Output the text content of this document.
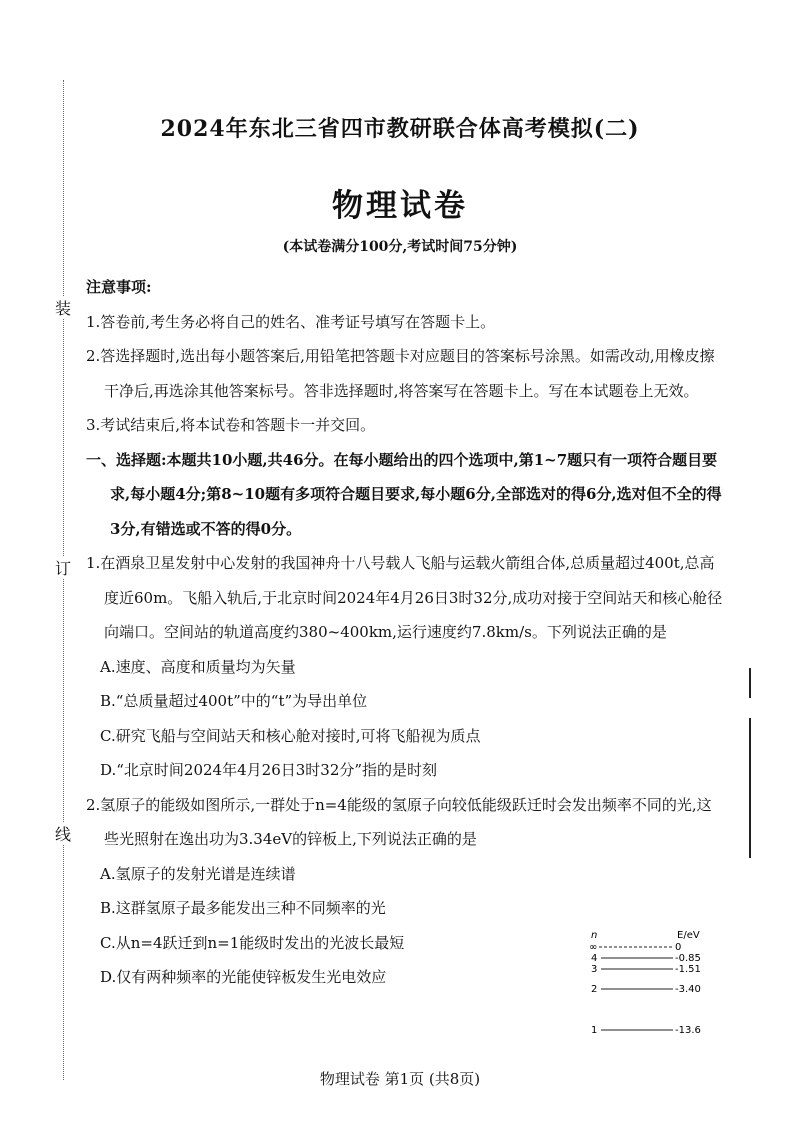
装
订
线
2024年东北三省四市教研联合体高考模拟(二)
物理试卷
(本试卷满分100分,考试时间75分钟)

注意事项:

1.答卷前,考生务必将自己的姓名、准考证号填写在答题卡上。

2.答选择题时,选出每小题答案后,用铅笔把答题卡对应题目的答案标号涂黑。如需改动,用橡皮擦干净后,再选涂其他答案标号。答非选择题时,将答案写在答题卡上。写在本试题卷上无效。

3.考试结束后,将本试卷和答题卡一并交回。

一、选择题:本题共10小题,共46分。在每小题给出的四个选项中,第1~7题只有一项符合题目要求,每小题4分;第8~10题有多项符合题目要求,每小题6分,全部选对的得6分,选对但不全的得3分,有错选或不答的得0分。

1.在酒泉卫星发射中心发射的我国神舟十八号载人飞船与运载火箭组合体,总质量超过400t,总高度近60m。飞船入轨后,于北京时间2024年4月26日3时32分,成功对接于空间站天和核心舱径向端口。空间站的轨道高度约380~400km,运行速度约7.8km/s。下列说法正确的是

A.速度、高度和质量均为矢量

B.“总质量超过400t”中的“t”为导出单位

C.研究飞船与空间站天和核心舱对接时,可将飞船视为质点

D.“北京时间2024年4月26日3时32分”指的是时刻

2.氢原子的能级如图所示,一群处于n=4能级的氢原子向较低能级跃迁时会发出频率不同的光,这些光照射在逸出功为3.34eV的锌板上,下列说法正确的是

A.氢原子的发射光谱是连续谱

B.这群氢原子最多能发出三种不同频率的光

C.从n=4跃迁到n=1能级时发出的光波长最短

D.仅有两种频率的光能使锌板发生光电效应

n	E/eV
∞	0
4	-0.85
3	-1.51
2	-3.40
1	-13.6
物理试卷 第1页 (共8页)
